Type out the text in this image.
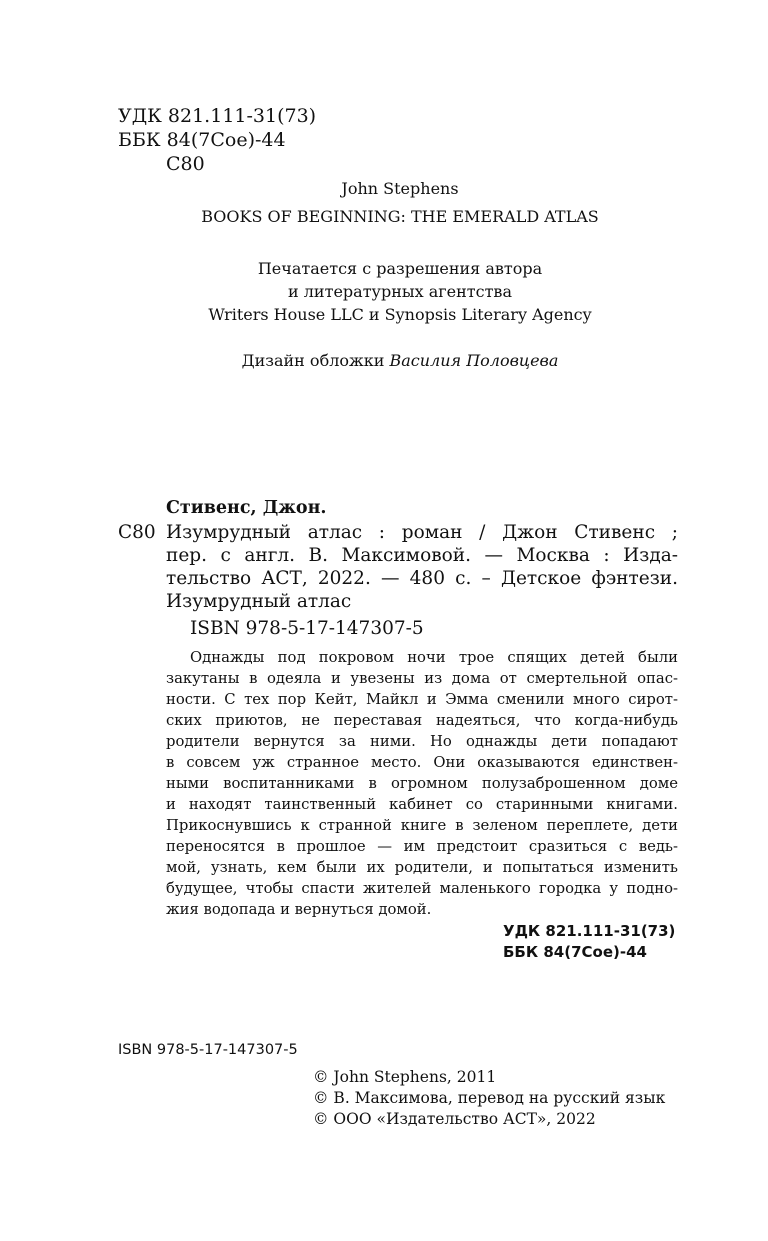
УДК 821.111-31(73)
ББК 84(7Сое)-44
С80
John Stephens
BOOKS OF BEGINNING: THE EMERALD ATLAS
Печатается с разрешения автора
и литературных агентства
Writers House LLC и Synopsis Literary Agency
Дизайн обложки Василия Половцева
Стивенс, Джон.
С80 Изумрудный атлас : роман / Джон Стивенс ;
пер. с англ. В. Максимовой. — Москва : Изда-
тельство АСТ, 2022. — 480 с. – Детское фэнтези.
Изумрудный атлас
ISBN 978-5-17-147307-5
Однажды под покровом ночи трое спящих детей были
закутаны в одеяла и увезены из дома от смертельной опас-
ности. С тех пор Кейт, Майкл и Эмма сменили много сирот-
ских приютов, не переставая надеяться, что когда-нибудь
родители вернутся за ними. Но однажды дети попадают
в совсем уж странное место. Они оказываются единствен-
ными воспитанниками в огромном полузаброшенном доме
и находят таинственный кабинет со старинными книгами.
Прикоснувшись к странной книге в зеленом переплете, дети
переносятся в прошлое — им предстоит сразиться с ведь-
мой, узнать, кем были их родители, и попытаться изменить
будущее, чтобы спасти жителей маленького городка у подно-
жия водопада и вернуться домой.
УДК 821.111-31(73)
ББК 84(7Сое)-44
ISBN 978-5-17-147307-5
© John Stephens, 2011
© В. Максимова, перевод на русский язык
© ООО «Издательство АСТ», 2022
